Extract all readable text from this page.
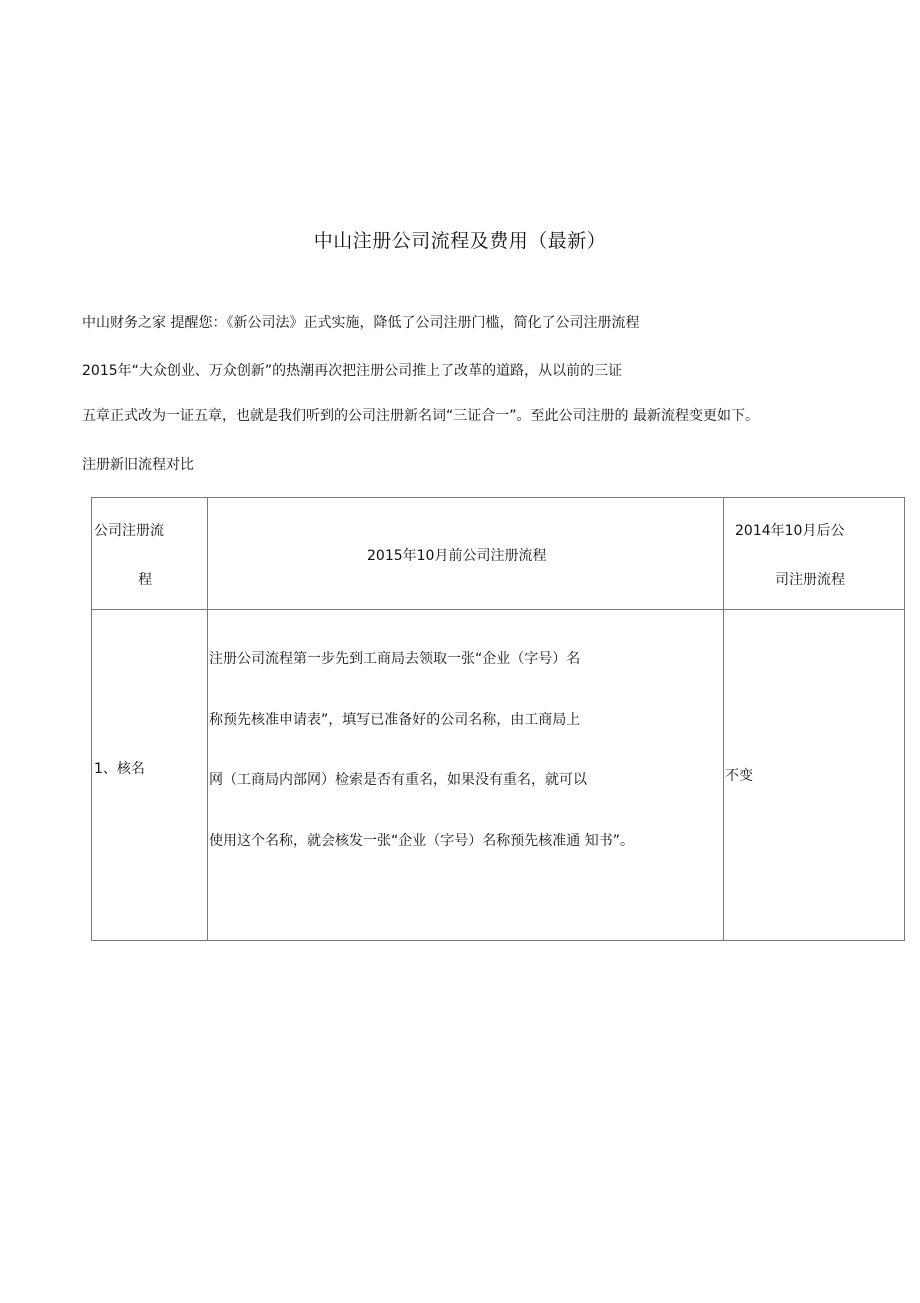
中山注册公司流程及费用（最新）
中山财务之家 提醒您：《新公司法》正式实施，降低了公司注册门槛，简化了公司注册流程
2015年“大众创业、万众创新”的热潮再次把注册公司推上了改革的道路，从以前的三证
五章正式改为一证五章，也就是我们听到的公司注册新名词“三证合一”。至此公司注册的 最新流程变更如下。
注册新旧流程对比
公司注册流
程	2015年10月前公司注册流程	2014年10月后公
司注册流程

1、核名	注册公司流程第一步先到工商局去领取一张“企业（字号）名
称预先核准申请表”，填写已准备好的公司名称，由工商局上
网（工商局内部网）检索是否有重名，如果没有重名，就可以
使用这个名称，就会核发一张“企业（字号）名称预先核准通 知书”。	不变
